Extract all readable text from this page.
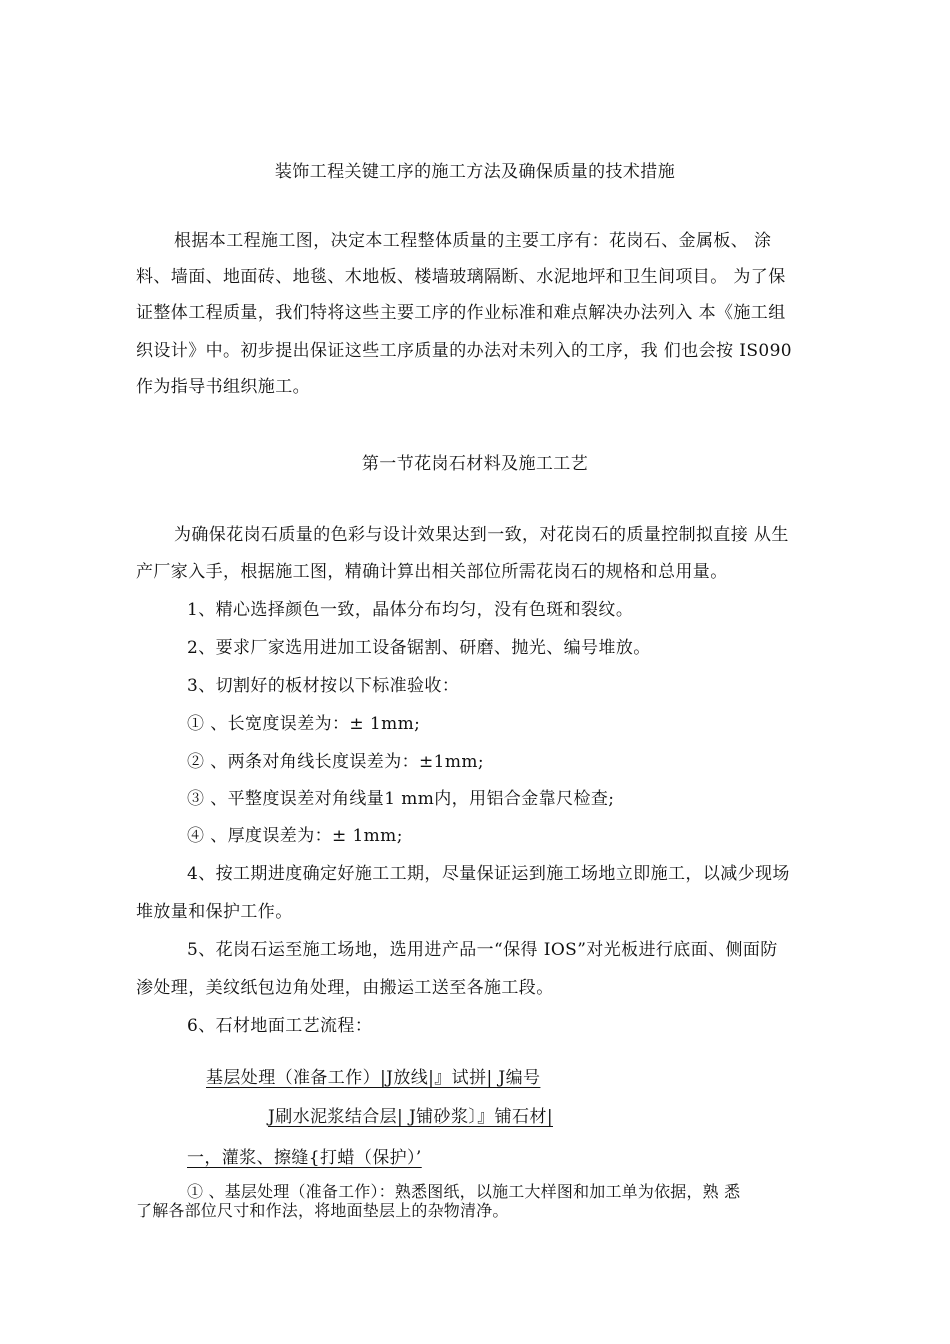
装饰工程关键工序的施工方法及确保质量的技术措施
根据本工程施工图，决定本工程整体质量的主要工序有：花岗石、金属板、 涂
料、墙面、地面砖、地毯、木地板、楼墙玻璃隔断、水泥地坪和卫生间项目。 为了保
证整体工程质量，我们特将这些主要工序的作业标准和难点解决办法列入 本《施工组
织设计》中。初步提出保证这些工序质量的办法对未列入的工序，我 们也会按 IS090
作为指导书组织施工。
第一节花岗石材料及施工工艺
为确保花岗石质量的色彩与设计效果达到一致，对花岗石的质量控制拟直接 从生
产厂家入手，根据施工图，精确计算出相关部位所需花岗石的规格和总用量。
1、精心选择颜色一致，晶体分布均匀，没有色斑和裂纹。
2、要求厂家选用进加工设备锯割、研磨、抛光、编号堆放。
3、切割好的板材按以下标准验收：
① 、长宽度误差为：± 1mm;
② 、两条对角线长度误差为：±1mm;
③ 、平整度误差对角线量1 mm内，用铝合金靠尺检查;
④ 、厚度误差为：± 1mm;
4、按工期进度确定好施工工期，尽量保证运到施工场地立即施工，以减少现场
堆放量和保护工作。
5、花岗石运至施工场地，选用进产品一“保得 IOS”对光板进行底面、侧面防
渗处理，美纹纸包边角处理，由搬运工送至各施工段。
6、石材地面工艺流程：
基层处理（准备工作）|J放线|』试拼| J编号
J刷水泥浆结合层| J铺砂浆〕』铺石材|
一，灌浆、擦缝{打蜡（保护）’
① 、基层处理（准备工作）：熟悉图纸，以施工大样图和加工单为依据，熟 悉
了解各部位尺寸和作法，将地面垫层上的杂物清净。
